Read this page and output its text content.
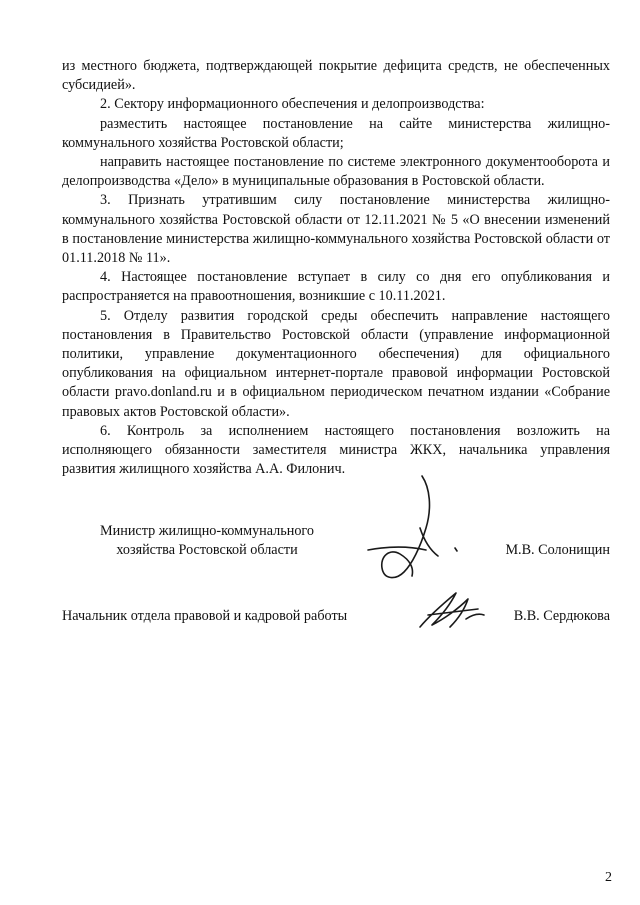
из местного бюджета, подтверждающей покрытие дефицита средств, не обеспеченных субсидией».

2. Сектору информационного обеспечения и делопроизводства:

разместить настоящее постановление на сайте министерства жилищно-коммунального хозяйства Ростовской области;

направить настоящее постановление по системе электронного документооборота и делопроизводства «Дело» в муниципальные образования в Ростовской области.

3. Признать утратившим силу постановление министерства жилищно-коммунального хозяйства Ростовской области от 12.11.2021 № 5 «О внесении изменений в постановление министерства жилищно-коммунального хозяйства Ростовской области от 01.11.2018 № 11».

4. Настоящее постановление вступает в силу со дня его опубликования и распространяется на правоотношения, возникшие с 10.11.2021.

5. Отделу развития городской среды обеспечить направление настоящего постановления в Правительство Ростовской области (управление информационной политики, управление документационного обеспечения) для официального опубликования на официальном интернет-портале правовой информации Ростовской области pravo.donland.ru и в официальном периодическом печатном издании «Собрание правовых актов Ростовской области».

6. Контроль за исполнением настоящего постановления возложить на исполняющего обязанности заместителя министра ЖКХ, начальника управления развития жилищного хозяйства А.А. Филонич.

Министр жилищно-коммунального
хозяйства Ростовской области	М.В. Солонищин
Начальник отдела правовой и кадровой работы	В.В. Сердюкова
2
